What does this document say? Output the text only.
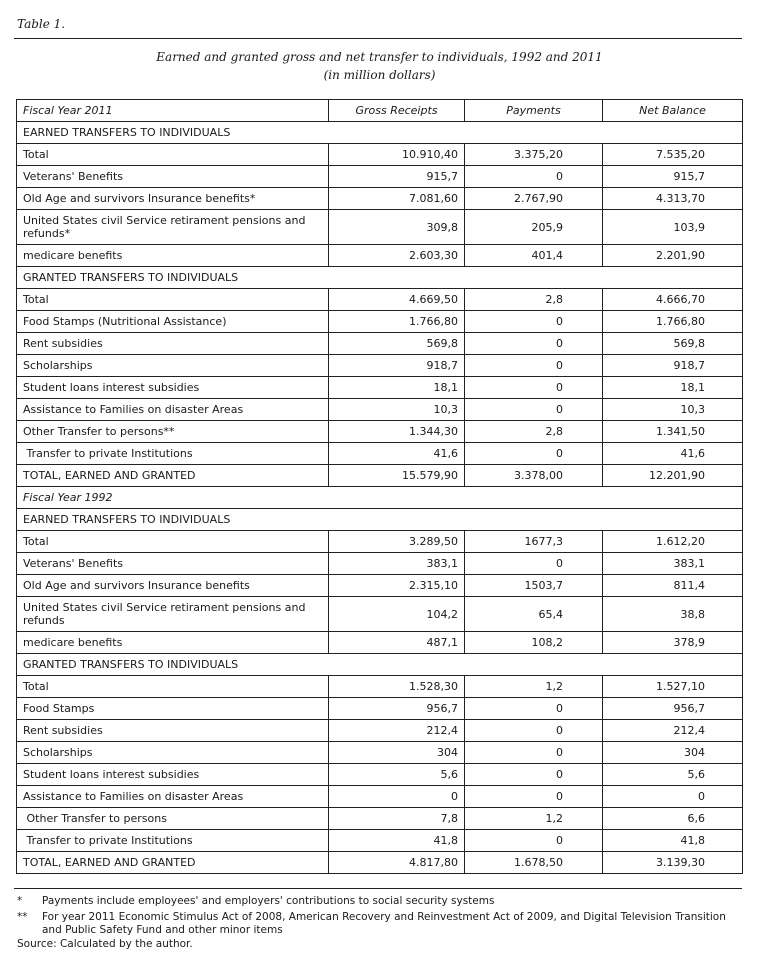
Table 1.
Earned and granted gross and net transfer to individuals, 1992 and 2011
(in million dollars)
Fiscal Year 2011	Gross Receipts	Payments	Net Balance
EARNED TRANSFERS TO INDIVIDUALS			
Total	10.910,40	3.375,20	7.535,20
Veterans' Benefits	915,7	0	915,7
Old Age and survivors Insurance benefits*	7.081,60	2.767,90	4.313,70
United States civil Service retirament pensions and refunds*	309,8	205,9	103,9
medicare benefits	2.603,30	401,4	2.201,90
GRANTED TRANSFERS TO INDIVIDUALS			
Total	4.669,50	2,8	4.666,70
Food Stamps (Nutritional Assistance)	1.766,80	0	1.766,80
Rent subsidies	569,8	0	569,8
Scholarships	918,7	0	918,7
Student loans interest subsidies	18,1	0	18,1
Assistance to Families on disaster Areas	10,3	0	10,3
Other Transfer to persons**	1.344,30	2,8	1.341,50
Transfer to private Institutions	41,6	0	41,6
TOTAL, EARNED AND GRANTED	15.579,90	3.378,00	12.201,90
Fiscal Year 1992			
EARNED TRANSFERS TO INDIVIDUALS			
Total	3.289,50	1677,3	1.612,20
Veterans' Benefits	383,1	0	383,1
Old Age and survivors Insurance benefits	2.315,10	1503,7	811,4
United States civil Service retirament pensions and refunds	104,2	65,4	38,8
medicare benefits	487,1	108,2	378,9
GRANTED TRANSFERS TO INDIVIDUALS			
Total	1.528,30	1,2	1.527,10
Food Stamps	956,7	0	956,7
Rent subsidies	212,4	0	212,4
Scholarships	304	0	304
Student loans interest subsidies	5,6	0	5,6
Assistance to Families on disaster Areas	0	0	0
Other Transfer to persons	7,8	1,2	6,6
Transfer to private Institutions	41,8	0	41,8
TOTAL, EARNED AND GRANTED	4.817,80	1.678,50	3.139,30
*	Payments include employees' and employers' contributions to social security systems
**	For year 2011 Economic Stimulus Act of 2008, American Recovery and Reinvestment Act of 2009, and Digital Television Transition and Public Safety Fund and other minor items
Source: Calculated by the author.
